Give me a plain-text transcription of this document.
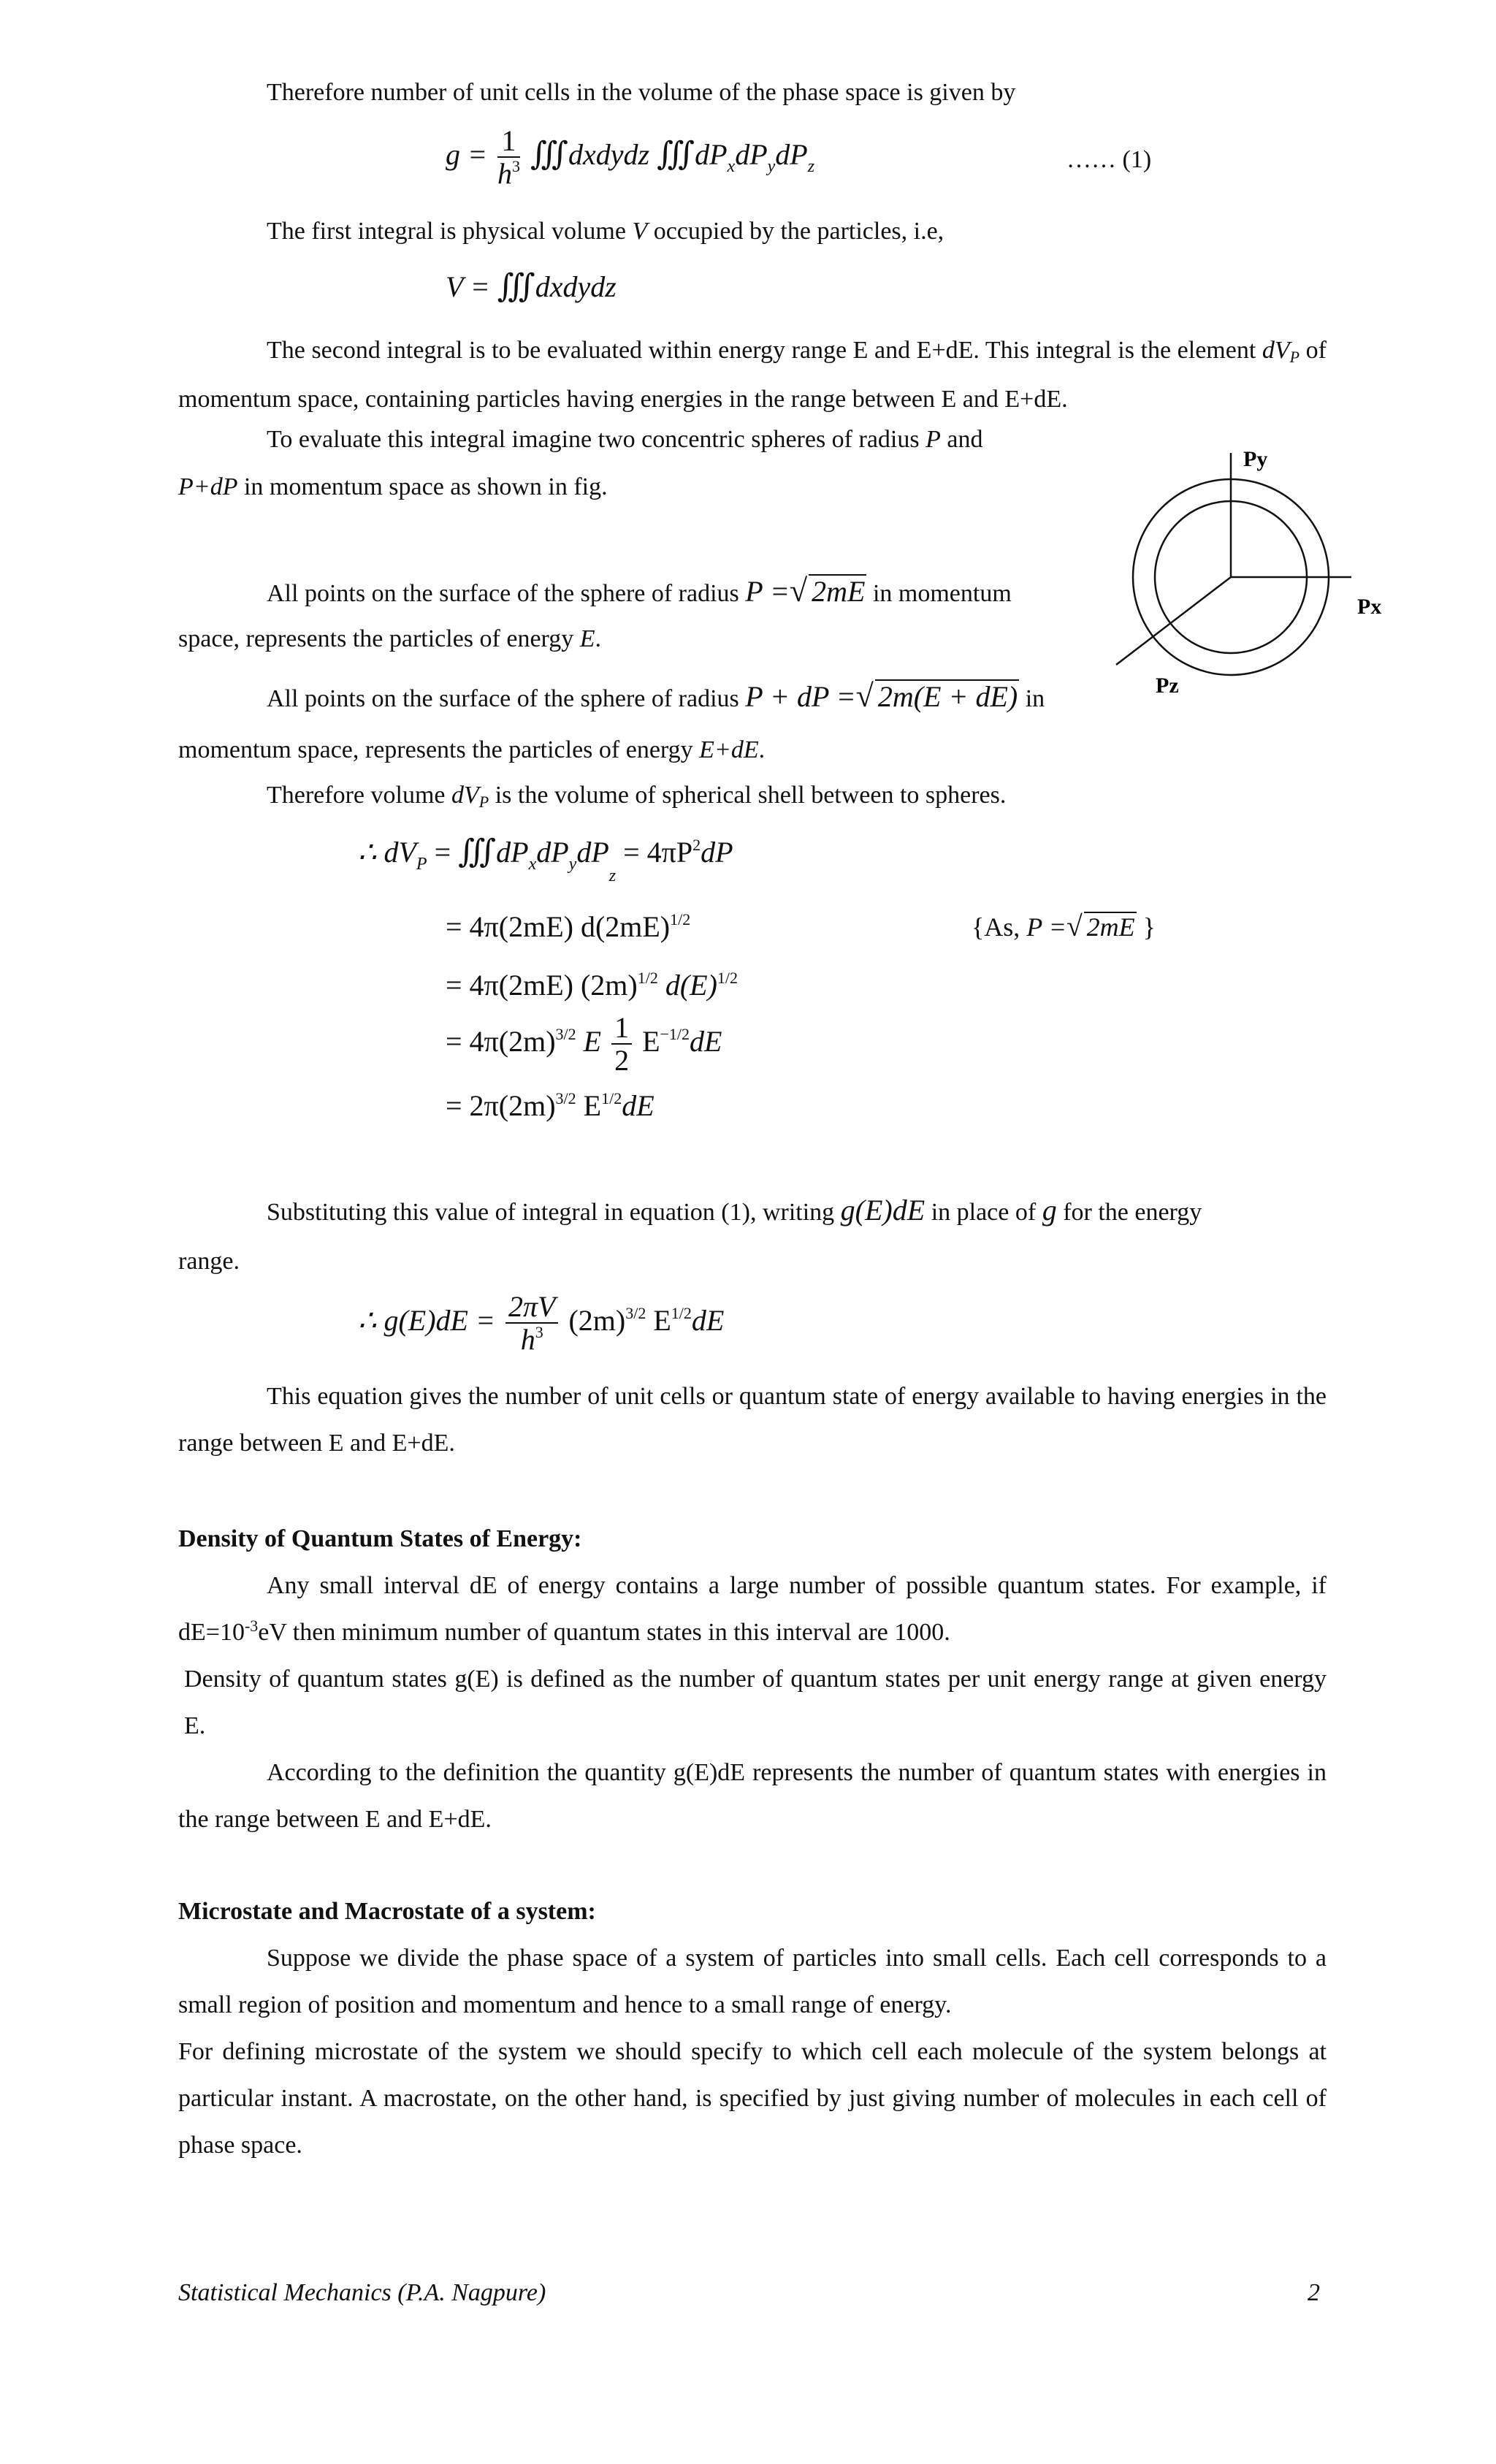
Therefore number of unit cells in the volume of the phase space is given by
$g = \frac{1}{h^3}$ ∭ dxdydz ∭ $dP_xdP_ydP_z$	…… (1)
The first integral is physical volume V occupied by the particles, i.e,
V = ∭ dxdydz
The second integral is to be evaluated within energy range E and E+dE. This integral is the element dVP of momentum space, containing particles having energies in the range between E and E+dE.
To evaluate this integral imagine two concentric spheres of radius P and
P+dP in momentum space as shown in fig.
All points on the surface of the sphere of radius P =√ 2mE in momentum
space, represents the particles of energy E.
All points on the surface of the sphere of radius P + dP =√ 2m(E + dE) in
momentum space, represents the particles of energy E+dE.
Therefore volume dVP is the volume of spherical shell between to spheres.
∴ $dV_P$ = ∭ $dP_xdP_ydP_z = 4\pi P^2dP$
= 4π(2mE) $d(2mE)^{1/2}$	{As, P =√ 2mE }
= 4π(2mE) $(2m)^{1/2}$ $d(E)^{1/2}$
= $4\pi(2m)^{3/2}$ E $\frac{1}{2} E^{-1/2}dE$
= $2\pi(2m)^{3/2}$ $E^{1/2}dE$
Substituting this value of integral in equation (1), writing g(E)dE in place of g for the energy
range.
∴ $g(E)dE = \frac{2\pi V}{h^3} (2m)^{3/2}$ $E^{1/2}dE$
This equation gives the number of unit cells or quantum state of energy available to having energies in the range between E and E+dE.
Density of Quantum States of Energy:
Any small interval dE of energy contains a large number of possible quantum states. For example, if $dE=10^{-3}eV$ then minimum number of quantum states in this interval are 1000.
Density of quantum states g(E) is defined as the number of quantum states per unit energy range at given energy E.
According to the definition the quantity g(E)dE represents the number of quantum states with energies in the range between E and E+dE.
Microstate and Macrostate of a system:
Suppose we divide the phase space of a system of particles into small cells. Each cell corresponds to a small region of position and momentum and hence to a small range of energy.
For defining microstate of the system we should specify to which cell each molecule of the system belongs at particular instant. A macrostate, on the other hand, is specified by just giving number of molecules in each cell of phase space.
Py
Px
Pz
Statistical Mechanics (P.A. Nagpure)	2
